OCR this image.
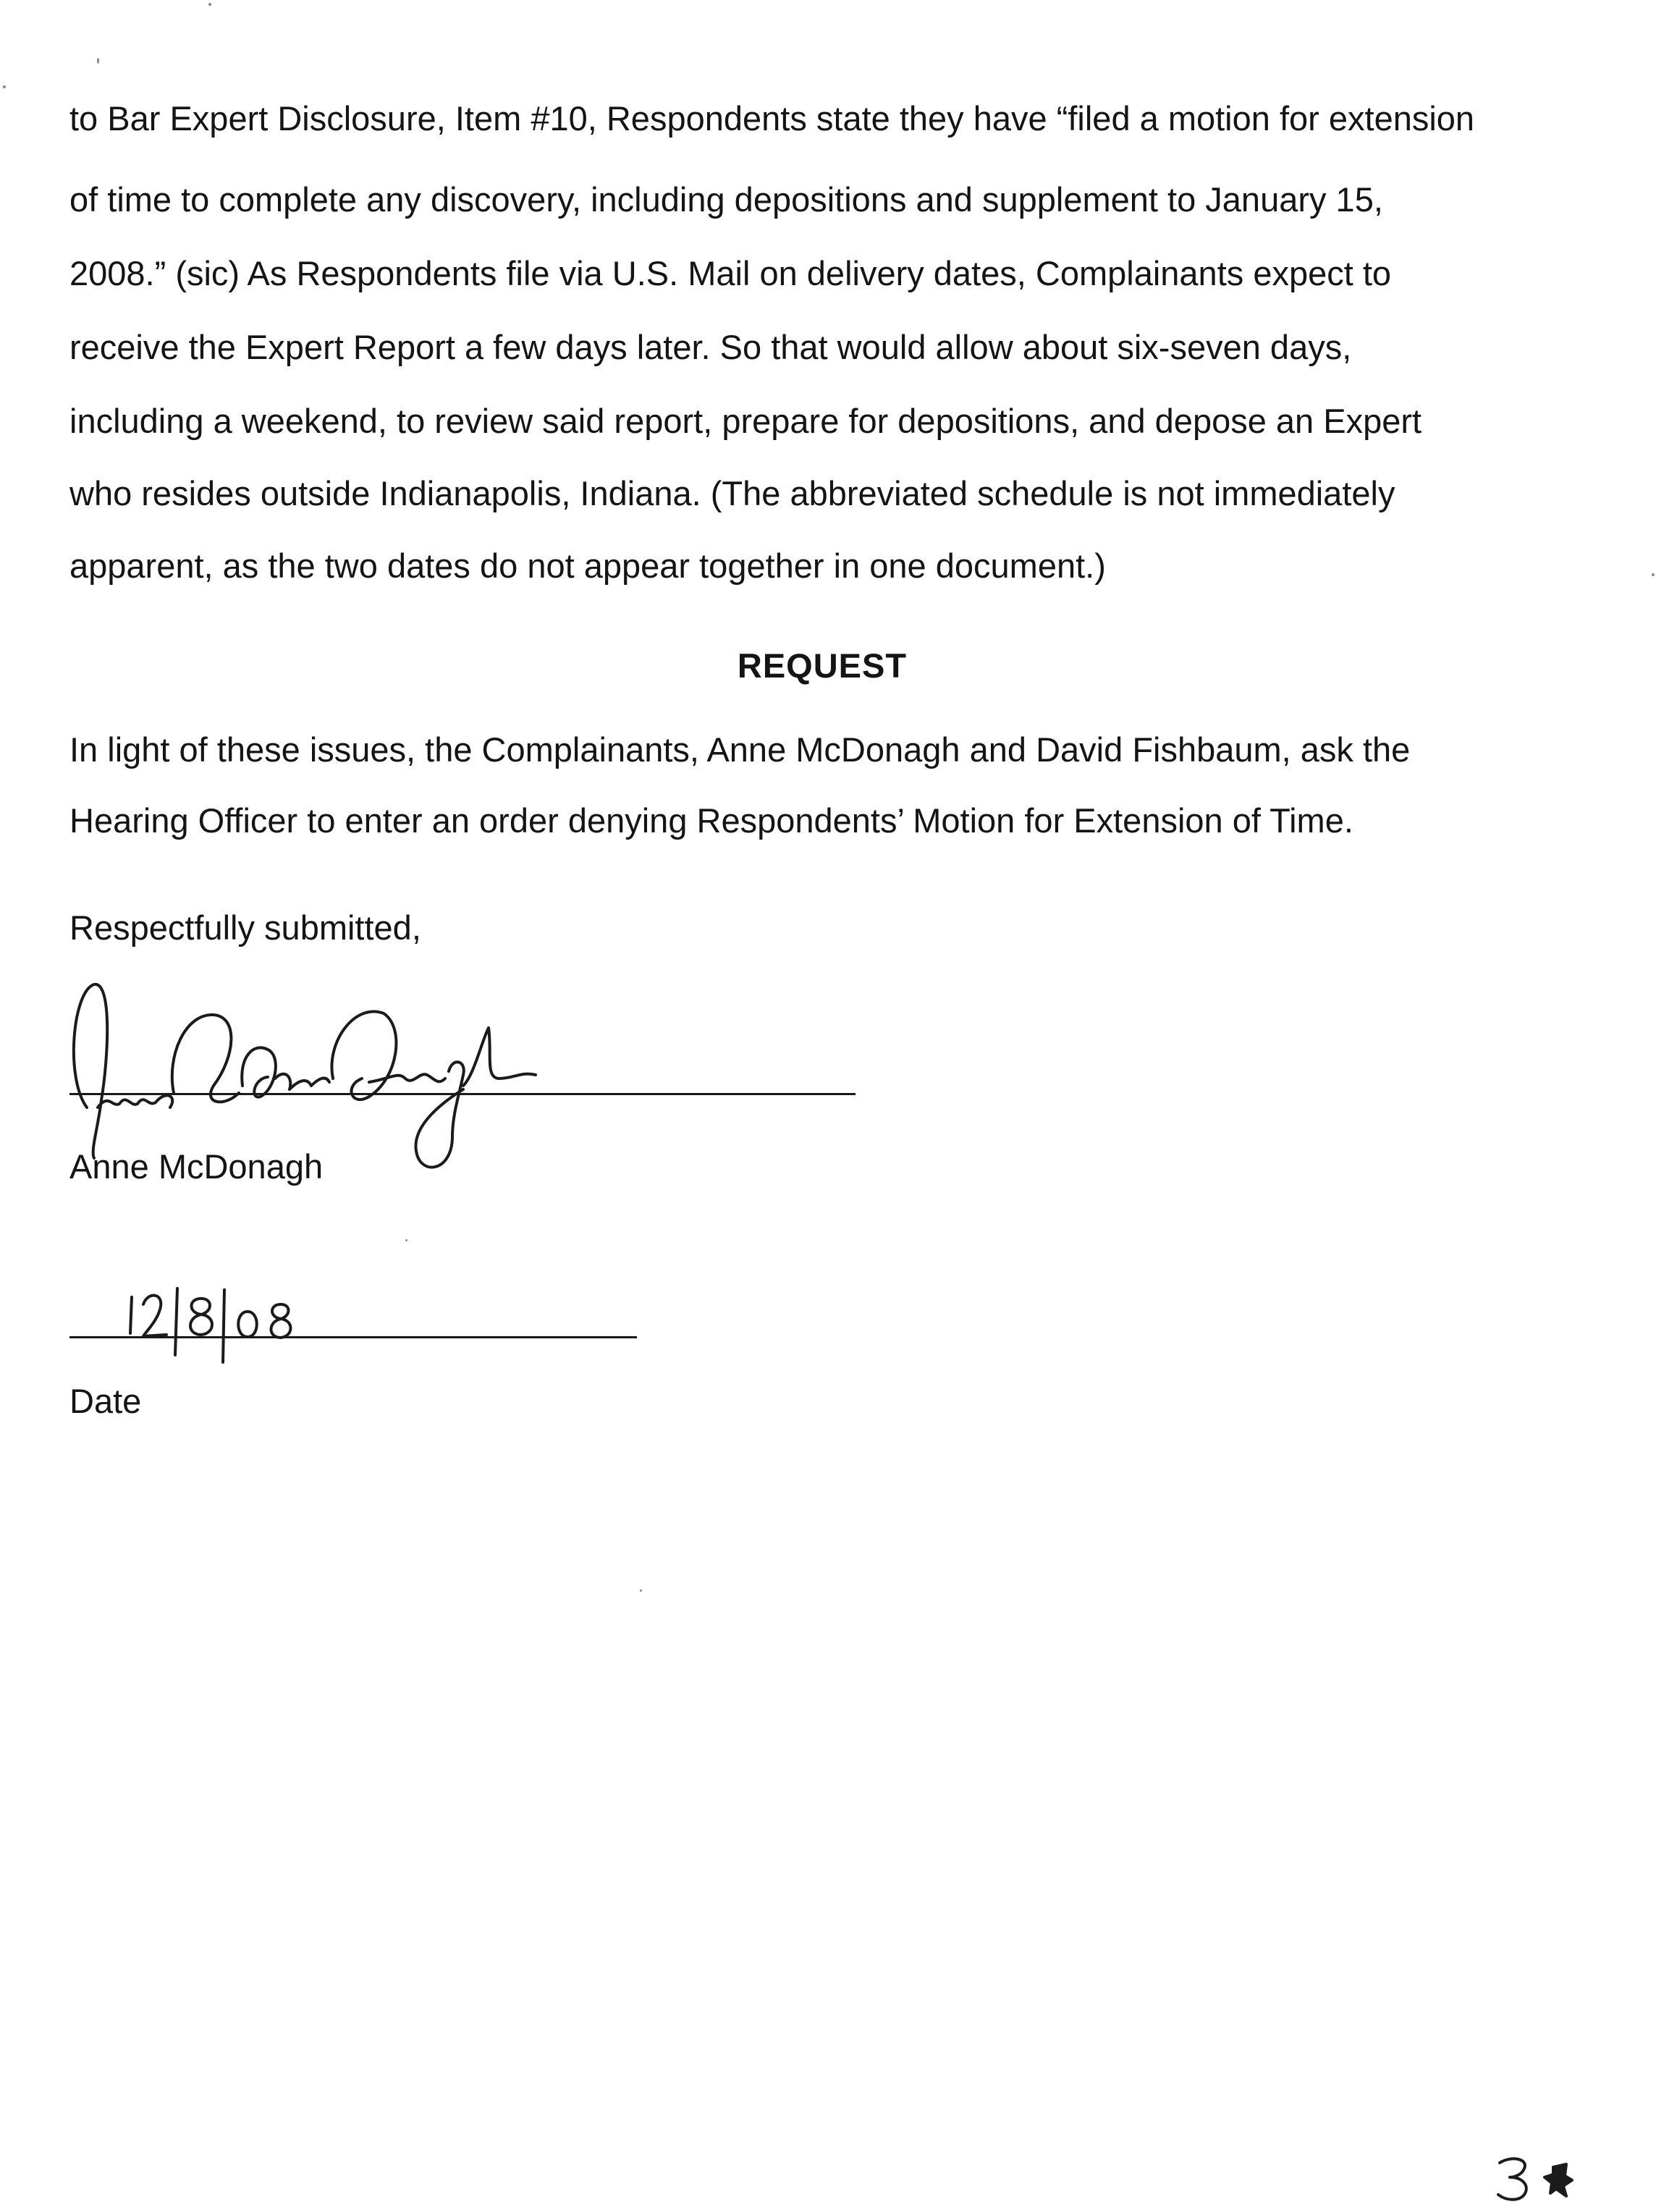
to Bar Expert Disclosure, Item #10, Respondents state they have “filed a motion for extension
of time to complete any discovery, including depositions and supplement to January 15,
2008.” (sic) As Respondents file via U.S. Mail on delivery dates, Complainants expect to
receive the Expert Report a few days later. So that would allow about six-seven days,
including a weekend, to review said report, prepare for depositions, and depose an Expert
who resides outside Indianapolis, Indiana. (The abbreviated schedule is not immediately
apparent, as the two dates do not appear together in one document.)
REQUEST
In light of these issues, the Complainants, Anne McDonagh and David Fishbaum, ask the
Hearing Officer to enter an order denying Respondents’ Motion for Extension of Time.
Respectfully submitted,
Anne McDonagh
Date
